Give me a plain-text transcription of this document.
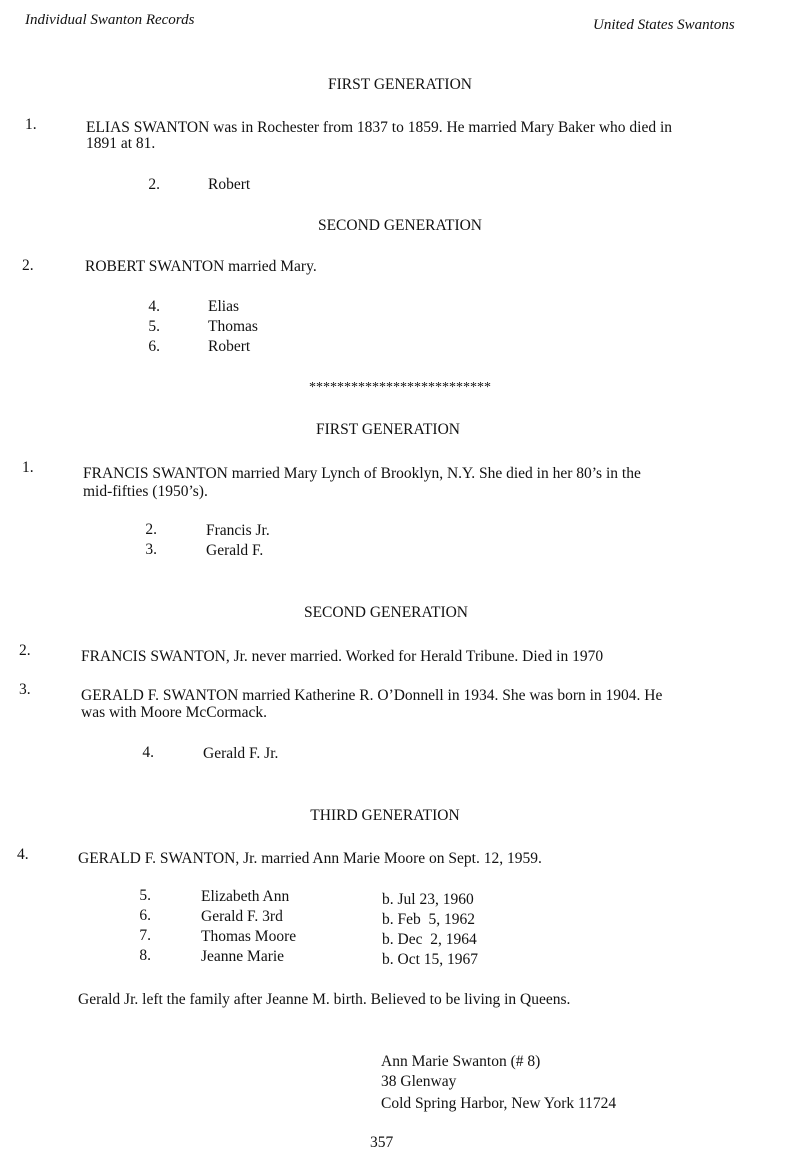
Individual Swanton Records	United States Swantons
FIRST GENERATION
1.	ELIAS SWANTON was in Rochester from 1837 to 1859. He married Mary Baker who died in
1891 at 81.
2.	Robert
SECOND GENERATION
2.	ROBERT SWANTON married Mary.
4.	Elias
5.	Thomas
6.	Robert
**************************
FIRST GENERATION
1.	FRANCIS SWANTON married Mary Lynch of Brooklyn, N.Y. She died in her 80’s in the
mid-fifties (1950’s).
2.	Francis Jr.
3.	Gerald F.
SECOND GENERATION
2.	FRANCIS SWANTON, Jr. never married. Worked for Herald Tribune. Died in 1970
3.	GERALD F. SWANTON married Katherine R. O’Donnell in 1934. She was born in 1904. He
was with Moore McCormack.
4.	Gerald F. Jr.
THIRD GENERATION
4.	GERALD F. SWANTON, Jr. married Ann Marie Moore on Sept. 12, 1959.
5.	Elizabeth Ann	b. Jul 23, 1960
6.	Gerald F. 3rd	b. Feb  5, 1962
7.	Thomas Moore	b. Dec  2, 1964
8.	Jeanne Marie	b. Oct 15, 1967
Gerald Jr. left the family after Jeanne M. birth. Believed to be living in Queens.
Ann Marie Swanton (# 8)
38 Glenway
Cold Spring Harbor, New York 11724
357
